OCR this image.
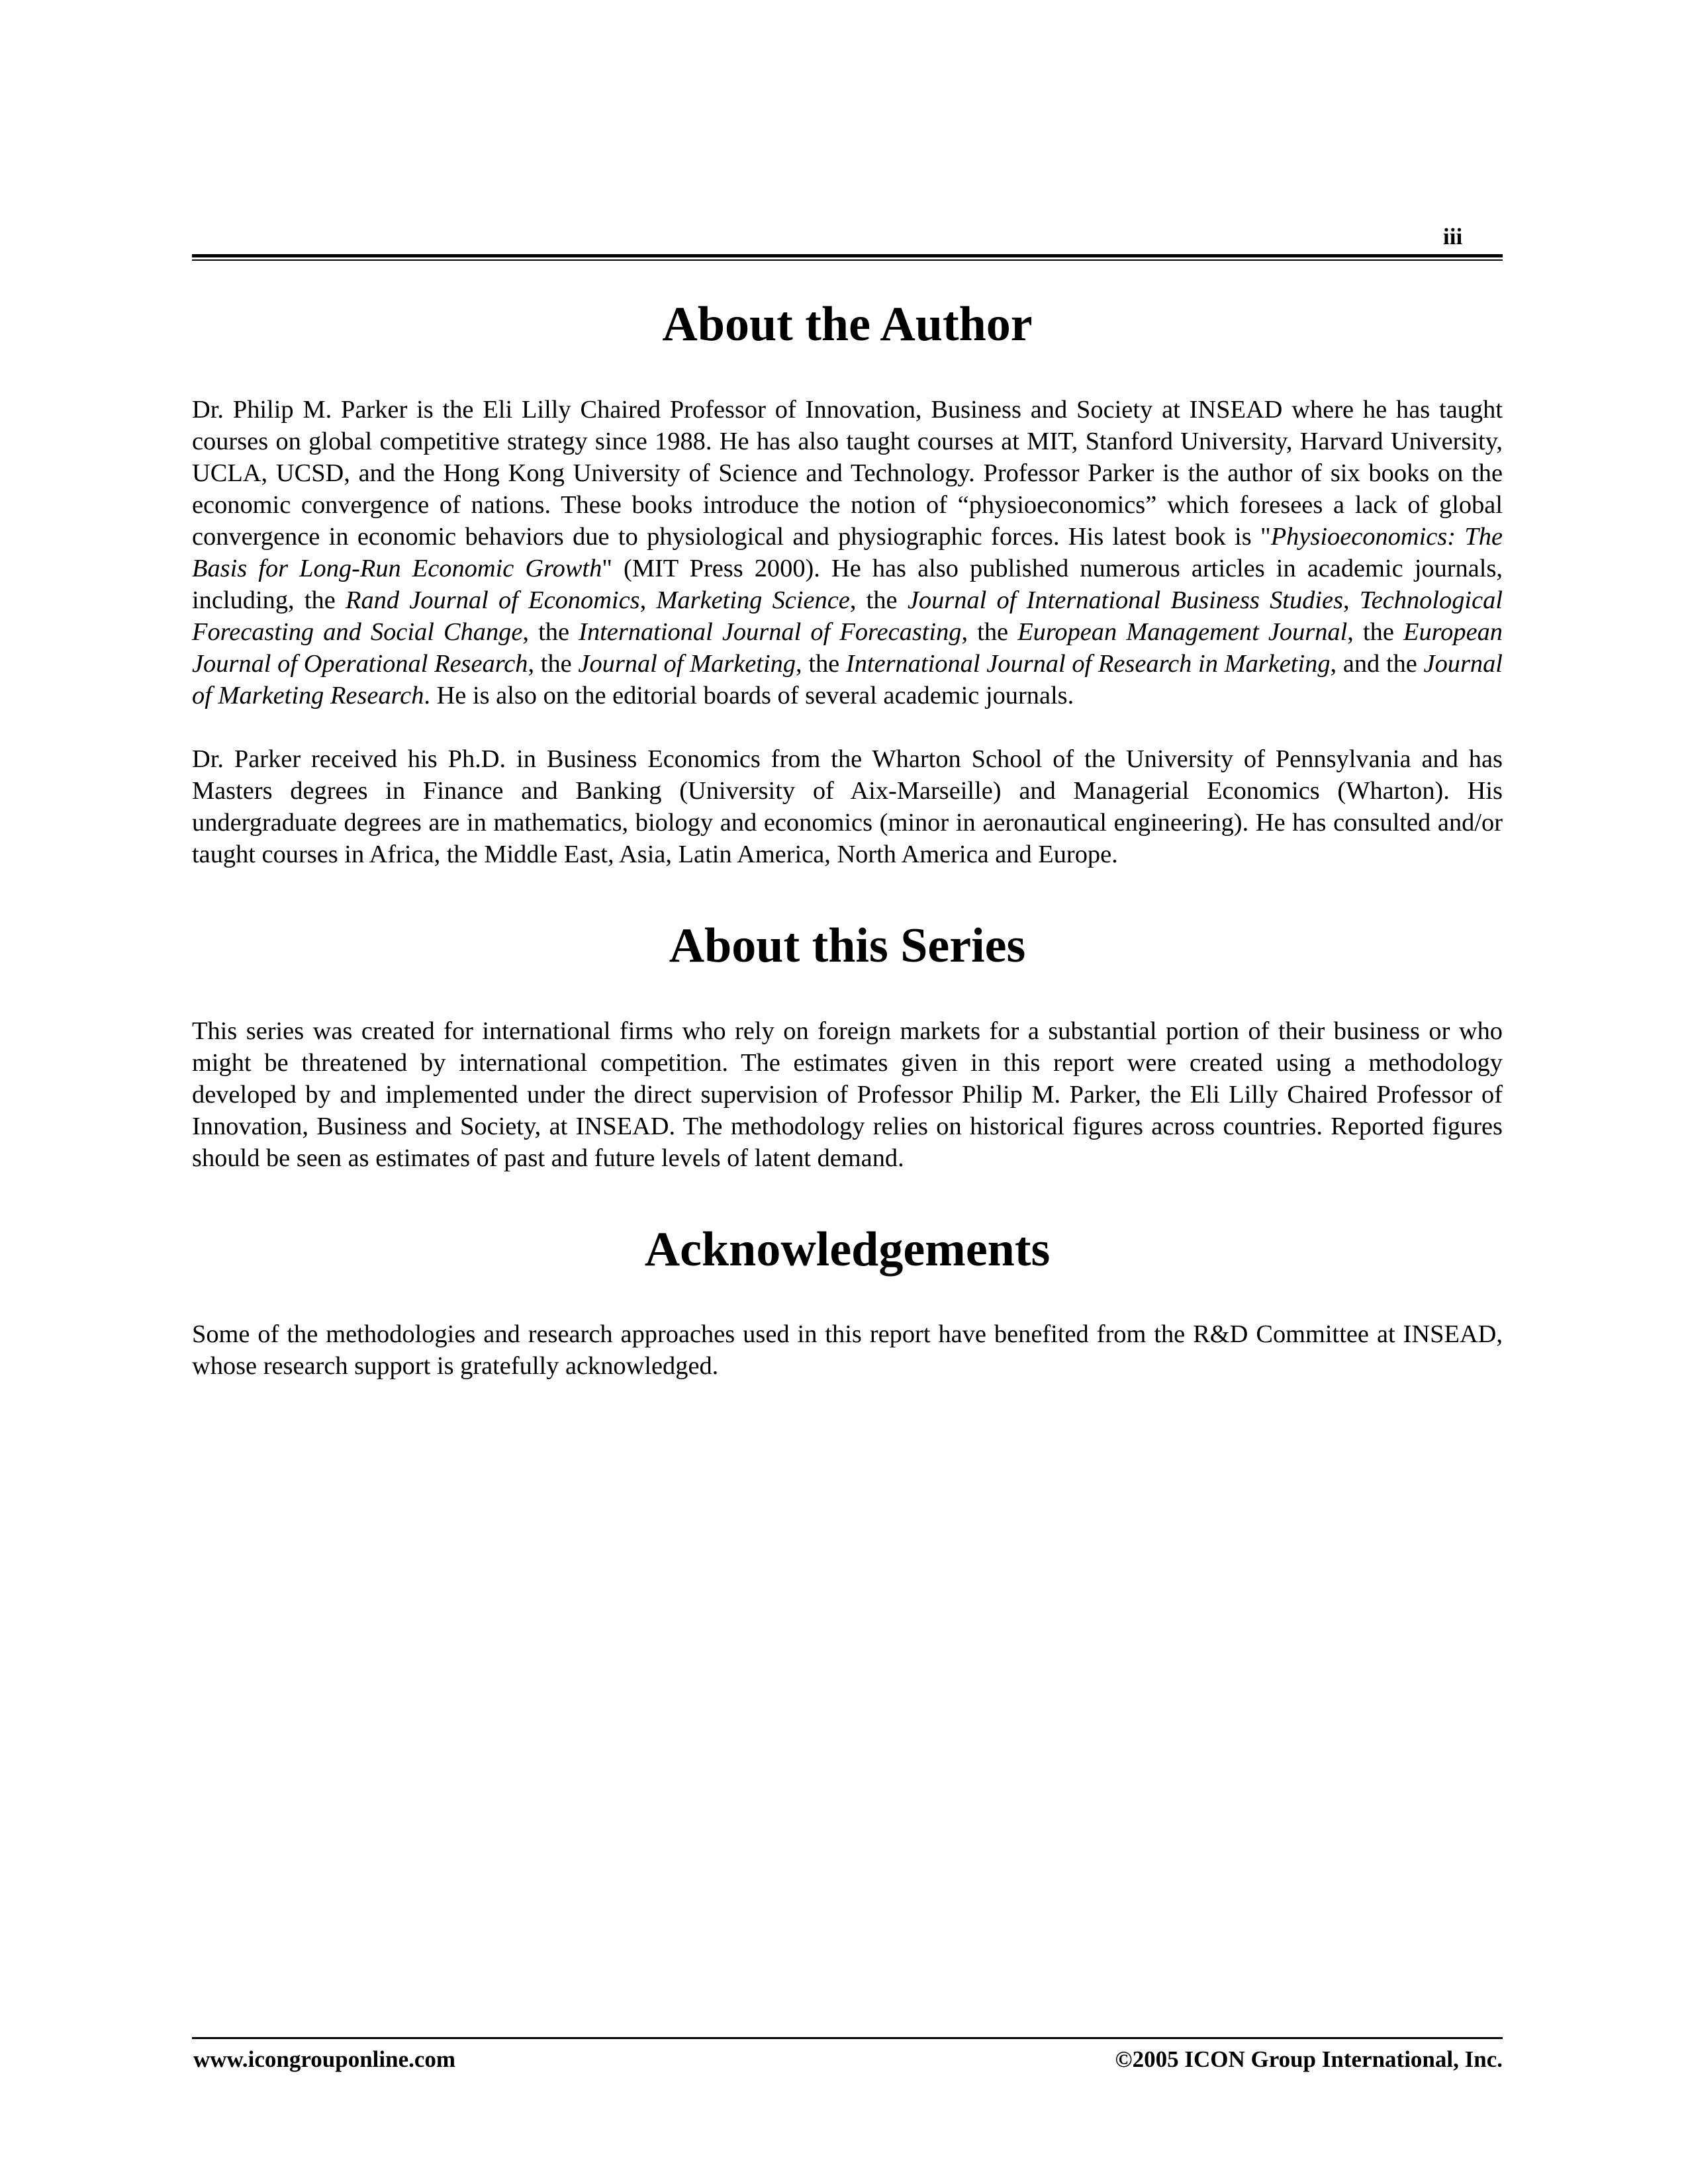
iii
About the Author

Dr. Philip M. Parker is the Eli Lilly Chaired Professor of Innovation, Business and Society at INSEAD where he has taught courses on global competitive strategy since 1988. He has also taught courses at MIT, Stanford University, Harvard University, UCLA, UCSD, and the Hong Kong University of Science and Technology. Professor Parker is the author of six books on the economic convergence of nations. These books introduce the notion of “physioeconomics” which foresees a lack of global convergence in economic behaviors due to physiological and physiographic forces. His latest book is "Physioeconomics: The Basis for Long-Run Economic Growth" (MIT Press 2000). He has also published numerous articles in academic journals, including, the Rand Journal of Economics, Marketing Science, the Journal of International Business Studies, Technological Forecasting and Social Change, the International Journal of Forecasting, the European Management Journal, the European Journal of Operational Research, the Journal of Marketing, the International Journal of Research in Marketing, and the Journal of Marketing Research. He is also on the editorial boards of several academic journals.

Dr. Parker received his Ph.D. in Business Economics from the Wharton School of the University of Pennsylvania and has Masters degrees in Finance and Banking (University of Aix-Marseille) and Managerial Economics (Wharton). His undergraduate degrees are in mathematics, biology and economics (minor in aeronautical engineering). He has consulted and/or taught courses in Africa, the Middle East, Asia, Latin America, North America and Europe.

About this Series

This series was created for international firms who rely on foreign markets for a substantial portion of their business or who might be threatened by international competition. The estimates given in this report were created using a methodology developed by and implemented under the direct supervision of Professor Philip M. Parker, the Eli Lilly Chaired Professor of Innovation, Business and Society, at INSEAD. The methodology relies on historical figures across countries. Reported figures should be seen as estimates of past and future levels of latent demand.

Acknowledgements

Some of the methodologies and research approaches used in this report have benefited from the R&D Committee at INSEAD, whose research support is gratefully acknowledged.

www.icongrouponline.com	©2005 ICON Group International, Inc.
